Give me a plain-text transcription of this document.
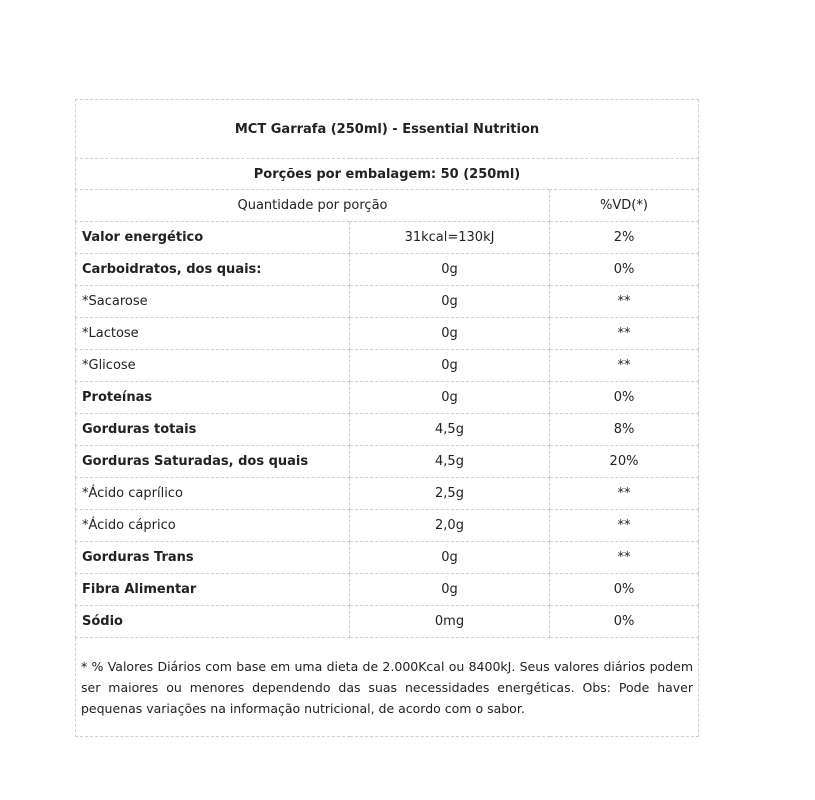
MCT Garrafa (250ml) - Essential Nutrition		
Porções por embalagem: 50 (250ml)		
Quantidade por porção		%VD(*)
Valor energético	31kcal=130kJ	2%
Carboidratos, dos quais:	0g	0%
*Sacarose	0g	**
*Lactose	0g	**
*Glicose	0g	**
Proteínas	0g	0%
Gorduras totais	4,5g	8%
Gorduras Saturadas, dos quais	4,5g	20%
*Ácido caprílico	2,5g	**
*Ácido cáprico	2,0g	**
Gorduras Trans	0g	**
Fibra Alimentar	0g	0%
Sódio	0mg	0%
* % Valores Diários com base em uma dieta de 2.000Kcal ou 8400kJ. Seus valores diários podem ser maiores ou menores dependendo das suas necessidades energéticas. Obs: Pode haver pequenas variações na informação nutricional, de acordo com o sabor.		
